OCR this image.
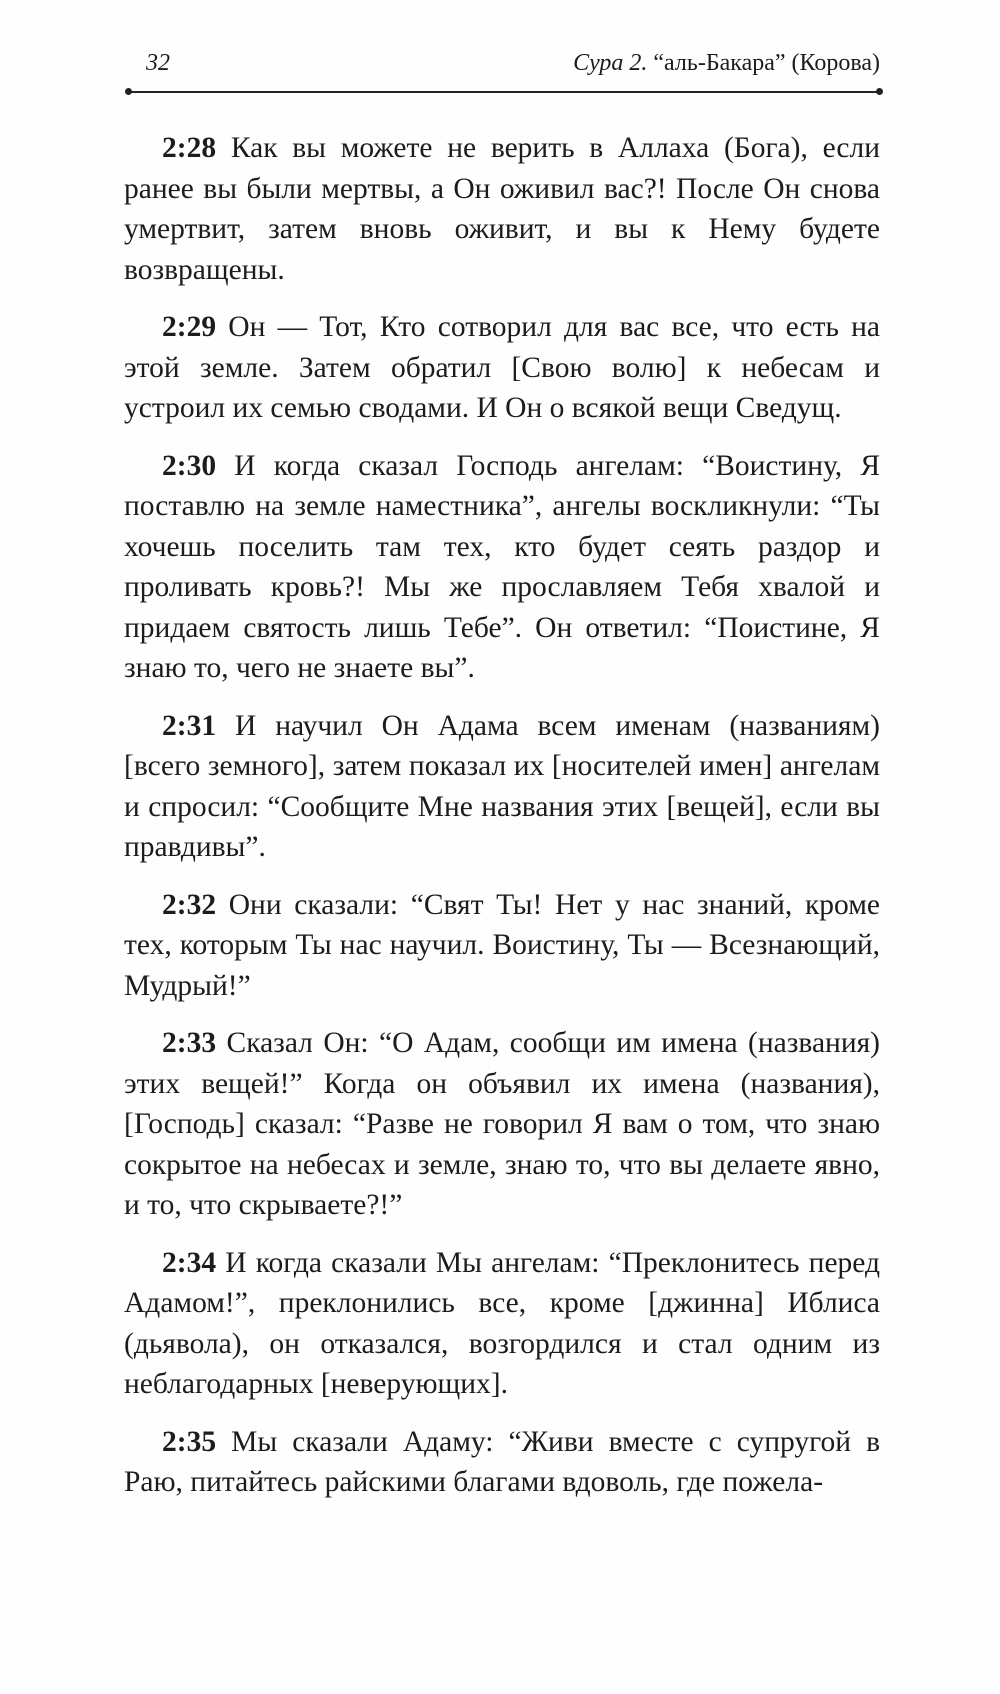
32	Сура 2. “аль-Бакара” (Корова)

2:28 Как вы можете не верить в Аллаха (Бога), если ранее вы были мертвы, а Он оживил вас?! После Он снова умертвит, затем вновь оживит, и вы к Нему будете возвращены.

2:29 Он — Тот, Кто сотворил для вас все, что есть на этой земле. Затем обратил [Свою волю] к небесам и устроил их семью сводами. И Он о всякой вещи Сведущ.

2:30 И когда сказал Господь ангелам: “Воистину, Я поставлю на земле наместника”, ангелы воскликнули: “Ты хочешь поселить там тех, кто будет сеять раздор и проливать кровь?! Мы же прославляем Тебя хвалой и придаем святость лишь Тебе”. Он ответил: “Поистине, Я знаю то, чего не знаете вы”.

2:31 И научил Он Адама всем именам (названиям) [всего земного], затем показал их [носителей имен] ангелам и спросил: “Сообщите Мне названия этих [вещей], если вы правдивы”.

2:32 Они сказали: “Свят Ты! Нет у нас знаний, кроме тех, которым Ты нас научил. Воистину, Ты — Всезнающий, Мудрый!”

2:33 Сказал Он: “О Адам, сообщи им имена (названия) этих вещей!” Когда он объявил их имена (названия), [Господь] сказал: “Разве не говорил Я вам о том, что знаю сокрытое на небесах и земле, знаю то, что вы делаете явно, и то, что скрываете?!”

2:34 И когда сказали Мы ангелам: “Преклонитесь перед Адамом!”, преклонились все, кроме [джинна] Иблиса (дьявола), он отказался, возгордился и стал одним из неблагодарных [неверующих].

2:35 Мы сказали Адаму: “Живи вместе с супругой в Раю, питайтесь райскими благами вдоволь, где пожела-
